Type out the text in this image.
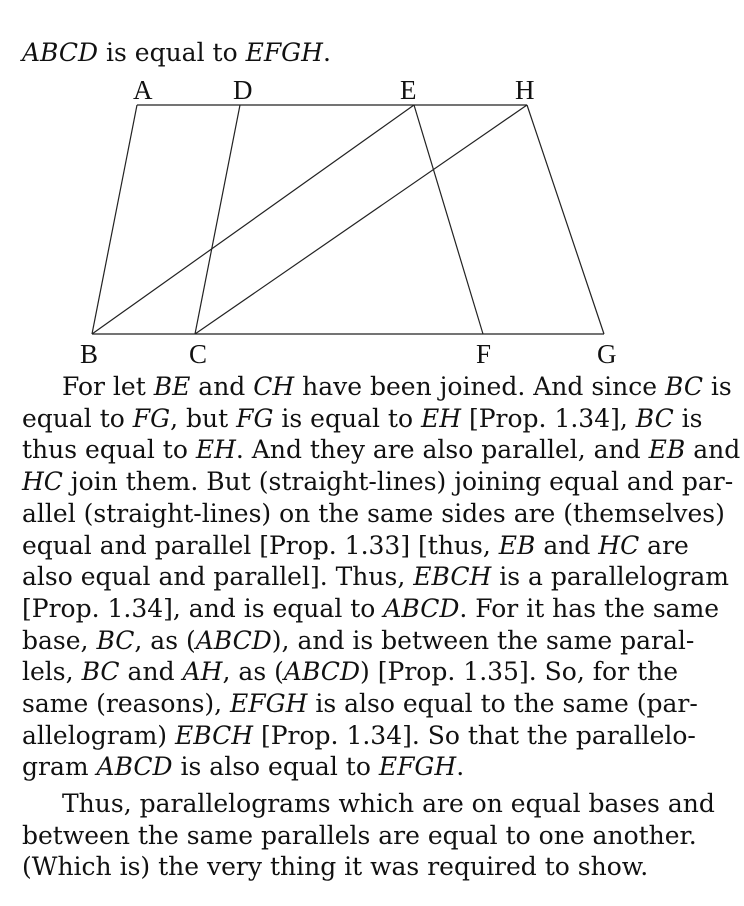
ABCD is equal to EFGH.
A	D	E	H
B	C	F	G
For let BE and CH have been joined. And since BC is
equal to FG, but FG is equal to EH [Prop. 1.34], BC is
thus equal to EH. And they are also parallel, and EB and
HC join them. But (straight-lines) joining equal and par-
allel (straight-lines) on the same sides are (themselves)
equal and parallel [Prop. 1.33] [thus, EB and HC are
also equal and parallel]. Thus, EBCH is a parallelogram
[Prop. 1.34], and is equal to ABCD. For it has the same
base, BC, as (ABCD), and is between the same paral-
lels, BC and AH, as (ABCD) [Prop. 1.35]. So, for the
same (reasons), EFGH is also equal to the same (par-
allelogram) EBCH [Prop. 1.34]. So that the parallelo-
gram ABCD is also equal to EFGH.
Thus, parallelograms which are on equal bases and
between the same parallels are equal to one another.
(Which is) the very thing it was required to show.
